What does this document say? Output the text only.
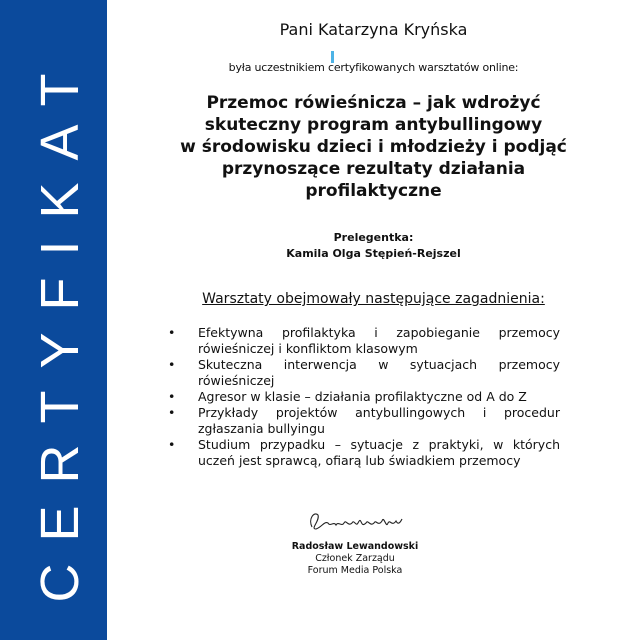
CERTYFIKAT
Pani Katarzyna Kryńska
była uczestnikiem certyfikowanych warsztatów online:
Przemoc rówieśnicza – jak wdrożyć
skuteczny program antybullingowy
w środowisku dzieci i młodzieży i podjąć
przynoszące rezultaty działania
profilaktyczne
Prelegentka:
Kamila Olga Stępień-Rejszel
Warsztaty obejmowały następujące zagadnienia:
• Efektywna profilaktyka i zapobieganie przemocy rówieśniczej i konfliktom klasowym
• Skuteczna interwencja w sytuacjach przemocy rówieśniczej
• Agresor w klasie – działania profilaktyczne od A do Z
• Przykłady projektów antybullingowych i procedur zgłaszania bullyingu
• Studium przypadku – sytuacje z praktyki, w których uczeń jest sprawcą, ofiarą lub świadkiem przemocy
Radosław Lewandowski
Członek Zarządu
Forum Media Polska
